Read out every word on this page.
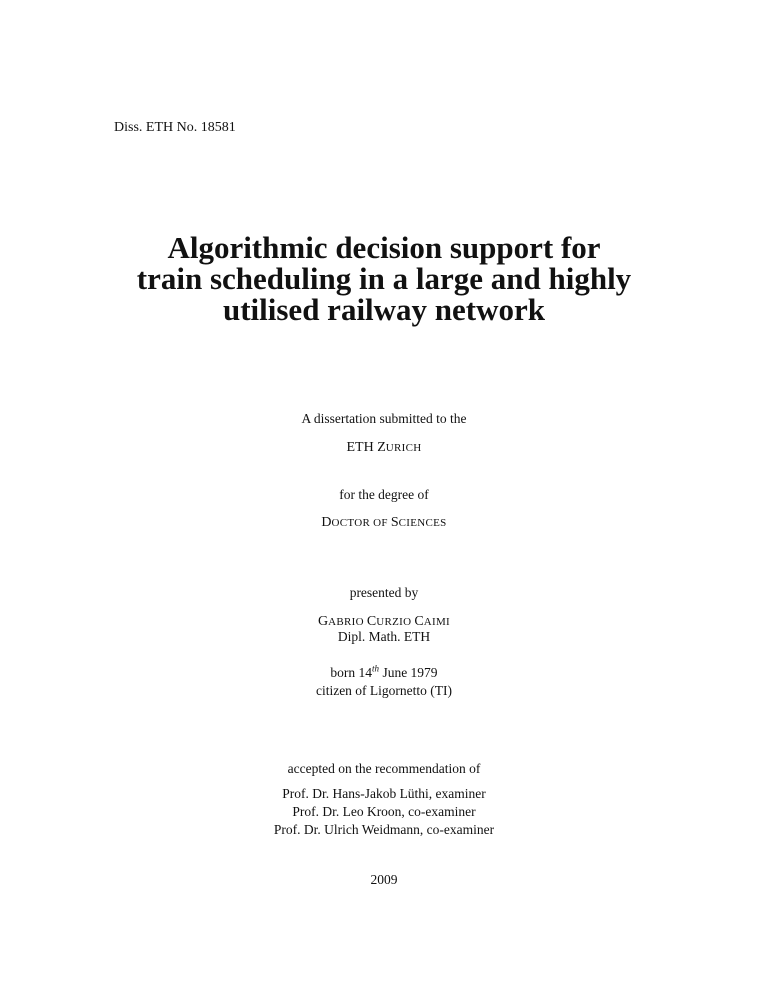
Diss. ETH No. 18581
Algorithmic decision support for
train scheduling in a large and highly
utilised railway network
A dissertation submitted to the
ETH ZURICH
for the degree of
DOCTOR OF SCIENCES
presented by
GABRIO CURZIO CAIMI
Dipl. Math. ETH
born 14th June 1979
citizen of Ligornetto (TI)
accepted on the recommendation of
Prof. Dr. Hans-Jakob Lüthi, examiner
Prof. Dr. Leo Kroon, co-examiner
Prof. Dr. Ulrich Weidmann, co-examiner
2009
